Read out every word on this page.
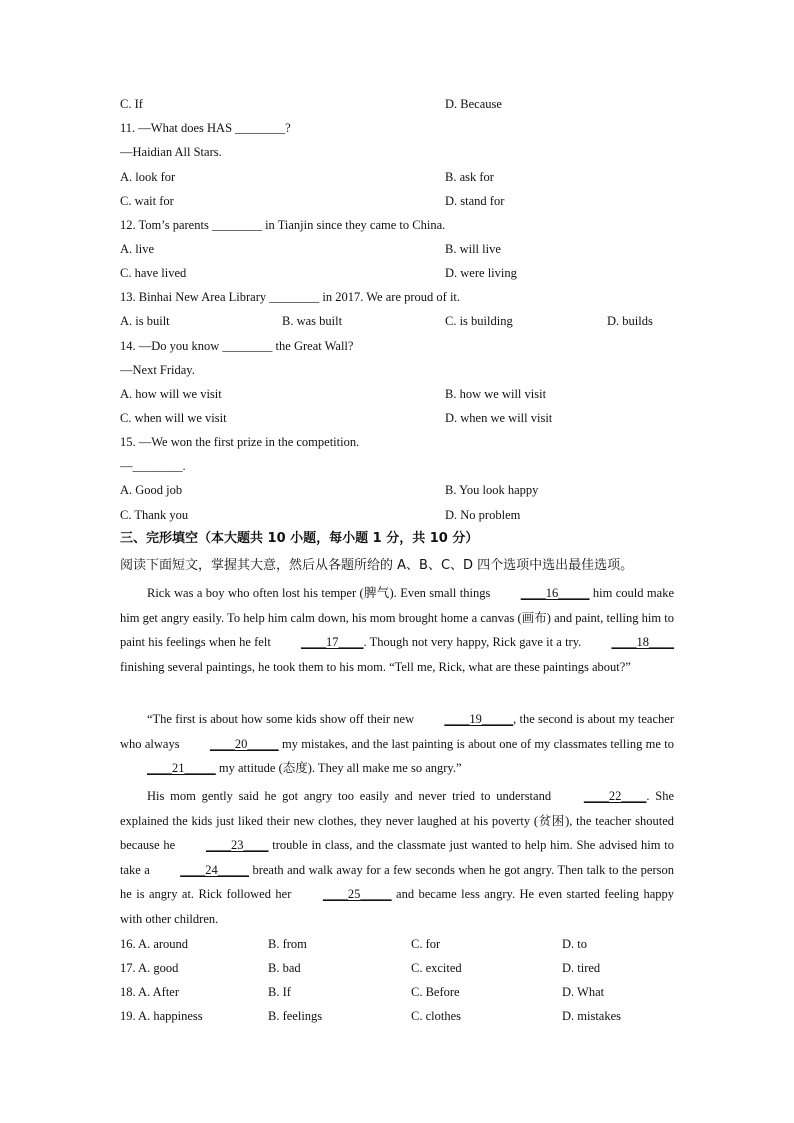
C. If	D. Because
11. —What does HAS ________?
—Haidian All Stars.
A. look for	B. ask for
C. wait for	D. stand for
12. Tom’s parents ________ in Tianjin since they came to China.
A. live	B. will live
C. have lived	D. were living
13. Binhai New Area Library ________ in 2017. We are proud of it.
A. is built	B. was built	C. is building	D. builds
14. —Do you know ________ the Great Wall?
—Next Friday.
A. how will we visit	B. how we will visit
C. when will we visit	D. when we will visit
15. —We won the first prize in the competition.
—________.
A. Good job	B. You look happy
C. Thank you	D. No problem
三、完形填空（本大题共 10 小题，每小题 1 分，共 10 分）
阅读下面短文，掌握其大意，然后从各题所给的 A、B、C、D 四个选项中选出最佳选项。
Rick was a boy who often lost his temper (脾气). Even small things ____16_____ him could make him get angry easily. To help him calm down, his mom brought home a canvas (画布) and paint, telling him to paint his feelings when he felt ____17____. Though not very happy, Rick gave it a try. ____18____ finishing several paintings, he took them to his mom. “Tell me, Rick, what are these paintings about?”
“The first is about how some kids show off their new ____19_____, the second is about my teacher who always ____20_____ my mistakes, and the last painting is about one of my classmates telling me to ____21_____ my attitude (态度). They all make me so angry.”
His mom gently said he got angry too easily and never tried to understand ____22____. She explained the kids just liked their new clothes, they never laughed at his poverty (贫困), the teacher shouted because he ____23____ trouble in class, and the classmate just wanted to help him. She advised him to take a ____24_____ breath and walk away for a few seconds when he got angry. Then talk to the person he is angry at. Rick followed her ____25_____ and became less angry. He even started feeling happy with other children.
16. A. around	B. from	C. for	D. to
17. A. good	B. bad	C. excited	D. tired
18. A. After	B. If	C. Before	D. What
19. A. happiness	B. feelings	C. clothes	D. mistakes
